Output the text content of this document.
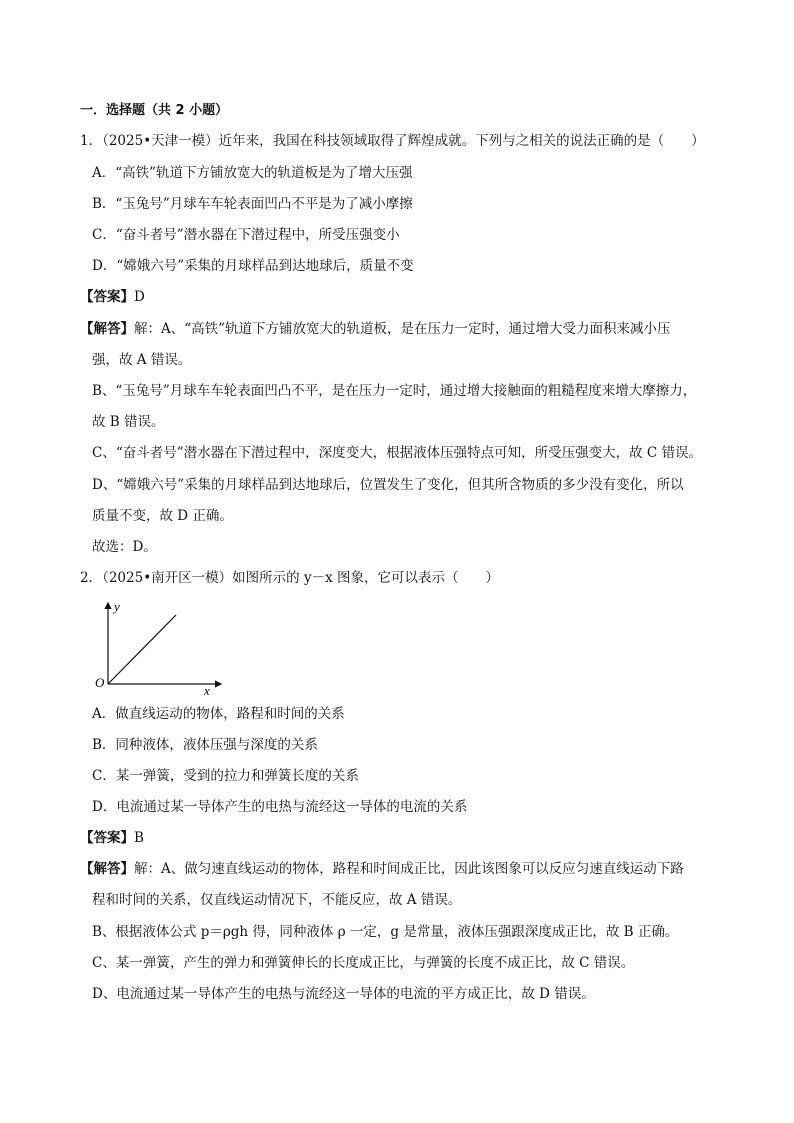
一．选择题（共 2 小题）
1．（2025•天津一模）近年来，我国在科技领域取得了辉煌成就。下列与之相关的说法正确的是（　　）
A．“高铁”轨道下方铺放宽大的轨道板是为了增大压强
B．“玉兔号”月球车车轮表面凹凸不平是为了减小摩擦
C．“奋斗者号”潜水器在下潜过程中，所受压强变小
D．“嫦娥六号”采集的月球样品到达地球后，质量不变
【答案】D
【解答】解：A、“高铁”轨道下方铺放宽大的轨道板，是在压力一定时，通过增大受力面积来减小压
强，故 A 错误。
B、“玉兔号”月球车车轮表面凹凸不平，是在压力一定时，通过增大接触面的粗糙程度来增大摩擦力，
故 B 错误。
C、“奋斗者号”潜水器在下潜过程中，深度变大，根据液体压强特点可知，所受压强变大，故 C 错误。
D、“嫦娥六号”采集的月球样品到达地球后，位置发生了变化，但其所含物质的多少没有变化，所以
质量不变，故 D 正确。
故选：D。
2．（2025•南开区一模）如图所示的 y－x 图象，它可以表示（　　）
y
x
O
A．做直线运动的物体，路程和时间的关系
B．同种液体，液体压强与深度的关系
C．某一弹簧，受到的拉力和弹簧长度的关系
D．电流通过某一导体产生的电热与流经这一导体的电流的关系
【答案】B
【解答】解：A、做匀速直线运动的物体，路程和时间成正比，因此该图象可以反应匀速直线运动下路
程和时间的关系，仅直线运动情况下，不能反应，故 A 错误。
B、根据液体公式 p＝ρgh 得，同种液体 ρ 一定，g 是常量，液体压强跟深度成正比，故 B 正确。
C、某一弹簧，产生的弹力和弹簧伸长的长度成正比，与弹簧的长度不成正比，故 C 错误。
D、电流通过某一导体产生的电热与流经这一导体的电流的平方成正比，故 D 错误。
